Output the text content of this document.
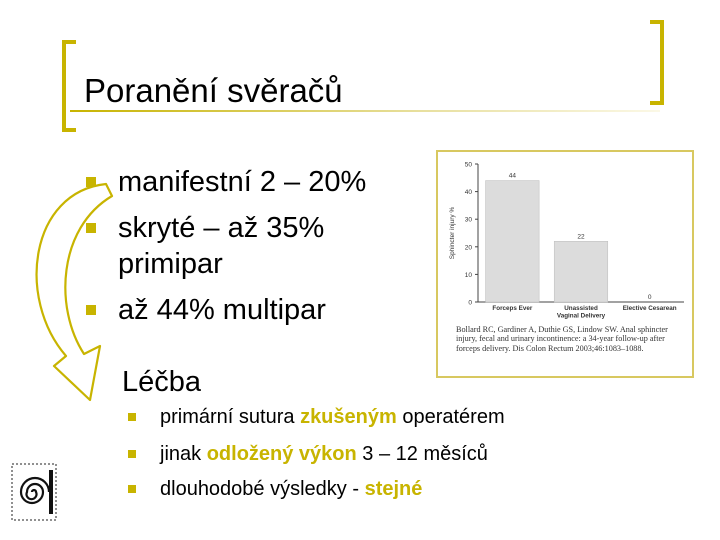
Poranění svěračů
manifestní 2 – 20%
skryté – až 35%
primipar
až 44% multipar	0
10
20
30
40
50
Sphincter injury %
44
Forceps Ever
22
Unassisted
Vaginal Delivery
0
Elective Cesarean
Bollard RC, Gardiner A, Duthie GS, Lindow SW. Anal sphincter injury, fecal and urinary incontinence: a 34-year follow-up after forceps delivery. Dis Colon Rectum 2003;46:1083–1088.
Léčba
primární sutura zkušeným operatérem
jinak odložený výkon 3 – 12 měsíců
dlouhodobé výsledky - stejné
